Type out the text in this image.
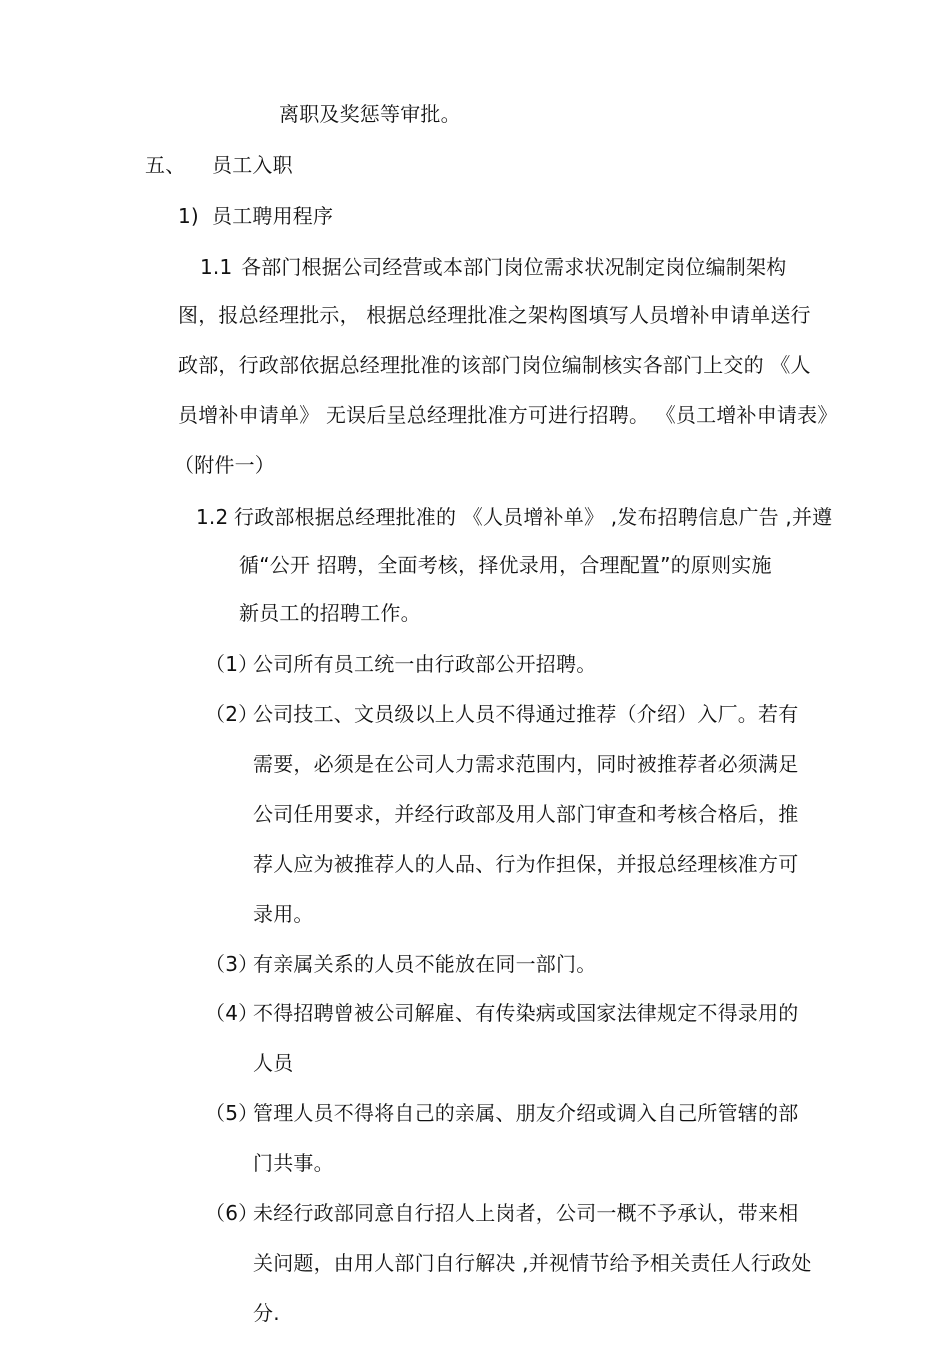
离职及奖惩等审批。
五、 员工入职
1) 员工聘用程序
1.1 各部门根据公司经营或本部门岗位需求状况制定岗位编制架构
图，报总经理批示， 根据总经理批准之架构图填写人员增补申请单送行
政部，行政部依据总经理批准的该部门岗位编制核实各部门上交的 《人
员增补申请单》 无误后呈总经理批准方可进行招聘。 《员工增补申请表》
（附件一）
1.2 行政部根据总经理批准的 《人员增补单》 ,发布招聘信息广告 ,并遵
循“公开 招聘，全面考核，择优录用，合理配置”的原则实施
新员工的招聘工作。
（1）公司所有员工统一由行政部公开招聘。
（2）公司技工、文员级以上人员不得通过推荐（介绍）入厂。若有
需要，必须是在公司人力需求范围内，同时被推荐者必须满足
公司任用要求，并经行政部及用人部门审查和考核合格后，推
荐人应为被推荐人的人品、行为作担保，并报总经理核准方可
录用。
（3）有亲属关系的人员不能放在同一部门。
（4）不得招聘曾被公司解雇、有传染病或国家法律规定不得录用的
人员
（5）管理人员不得将自己的亲属、朋友介绍或调入自己所管辖的部
门共事。
（6）未经行政部同意自行招人上岗者，公司一概不予承认，带来相
关问题，由用人部门自行解决 ,并视情节给予相关责任人行政处
分.
